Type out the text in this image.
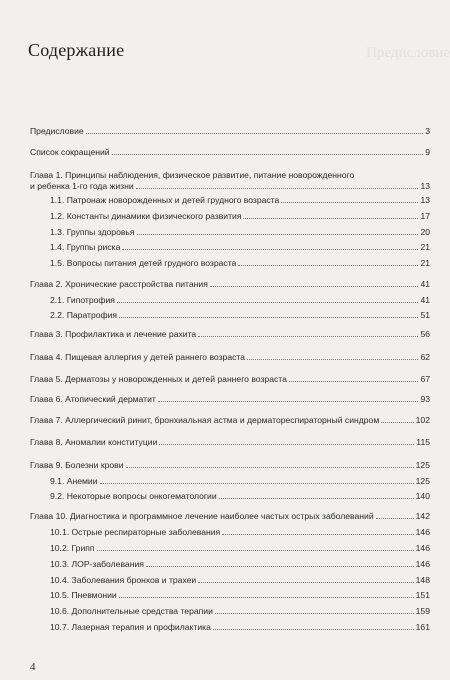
Предисловие
Содержание
Предисловие	3
Список сокращений	9
Глава 1. Принципы наблюдения, физическое развитие, питание новорожденного
и ребенка 1-го года жизни	13
1.1. Патронаж новорожденных и детей грудного возраста	13
1.2. Константы динамики физического развития	17
1.3. Группы здоровья	20
1.4. Группы риска	21
1.5. Вопросы питания детей грудного возраста	21
Глава 2. Хронические расстройства питания	41
2.1. Гипотрофия	41
2.2. Паратрофия	51
Глава 3. Профилактика и лечение рахита	56
Глава 4. Пищевая аллергия у детей раннего возраста	62
Глава 5. Дерматозы у новорожденных и детей раннего возраста	67
Глава 6. Атопический дерматит	93
Глава 7. Аллергический ринит, бронхиальная астма и дерматореспираторный синдром	102
Глава 8. Аномалии конституции	115
Глава 9. Болезни крови	125
9.1. Анемии	125
9.2. Некоторые вопросы онкогематологии	140
Глава 10. Диагностика и программное лечение наиболее частых острых заболеваний	142
10.1. Острые респираторные заболевания	146
10.2. Грипп	146
10.3. ЛОР-заболевания	146
10.4. Заболевания бронхов и трахеи	148
10.5. Пневмонии	151
10.6. Дополнительные средства терапии	159
10.7. Лазерная терапия и профилактика	161
4
